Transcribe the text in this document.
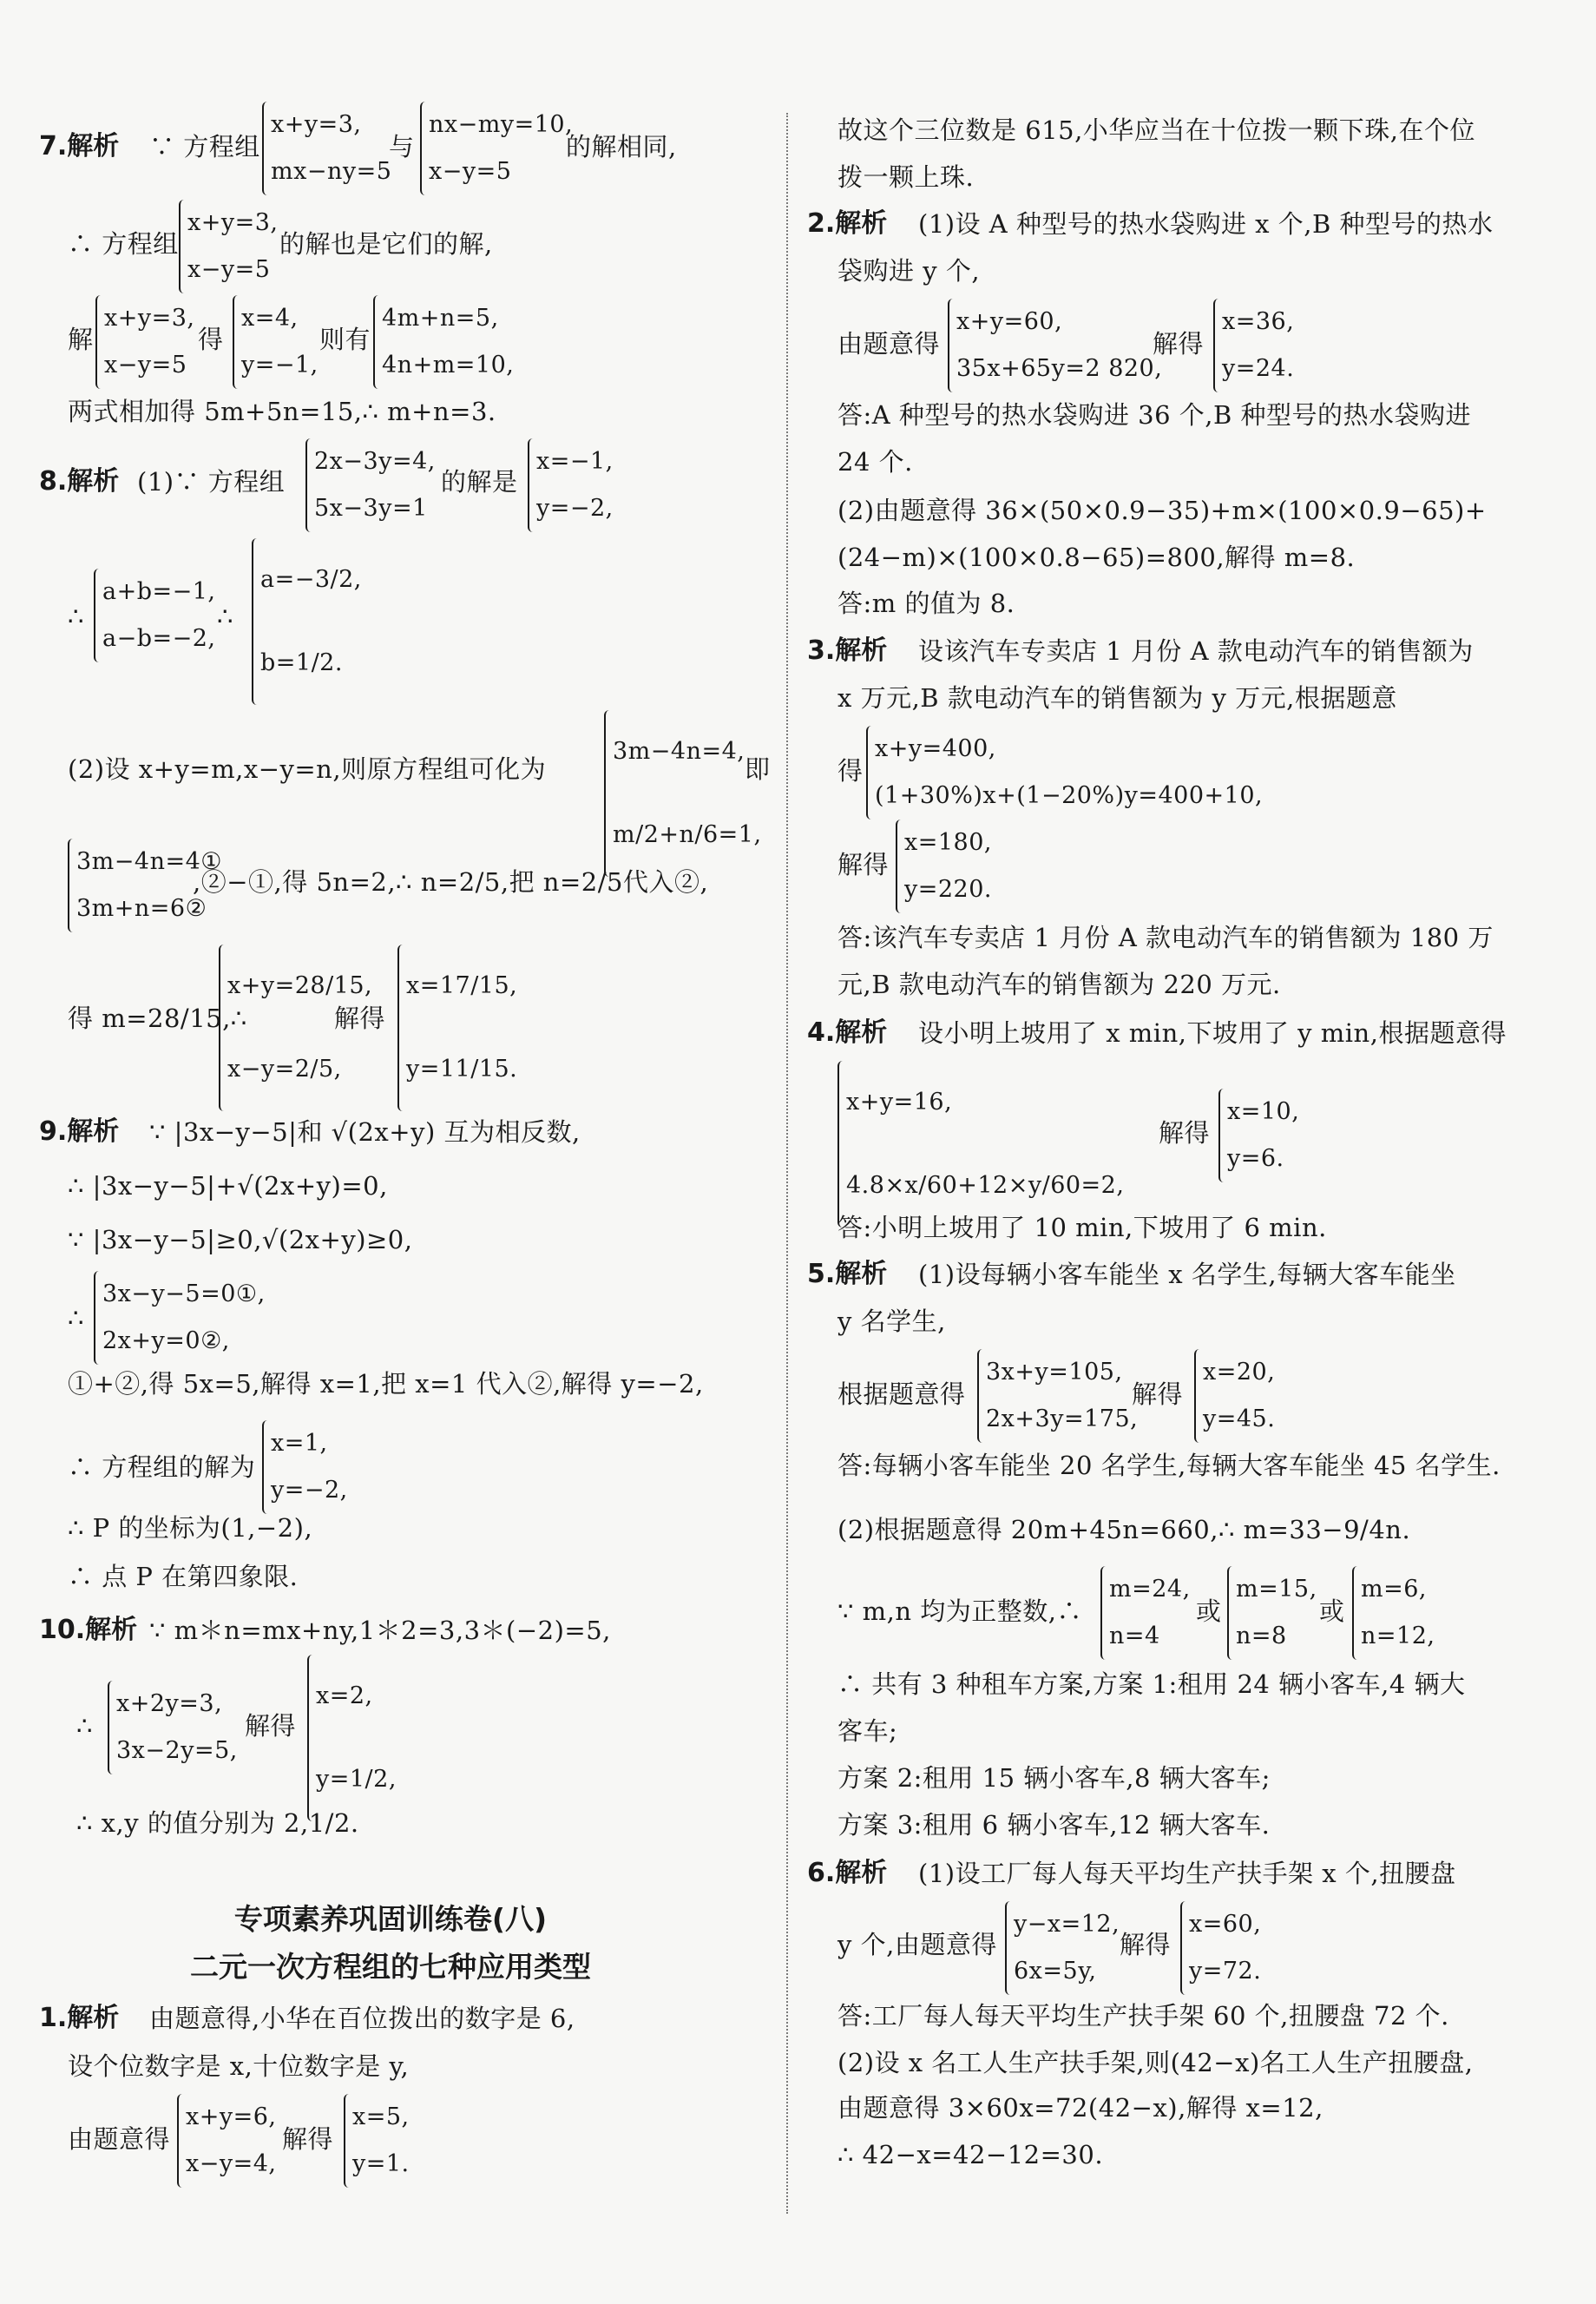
7.解析 ∵ 方程组
x+y=3,
mx−ny=5
与
nx−my=10,
x−y=5
的解相同,
∴ 方程组
x+y=3,
x−y=5
的解也是它们的解,
解
x+y=3,
x−y=5
得
x=4,
y=−1,
则有
4m+n=5,
4n+m=10,
两式相加得 5m+5n=15,∴ m+n=3.
8.解析 (1)∵ 方程组
2x−3y=4,
5x−3y=1
的解是
x=−1,
y=−2,
∴
a+b=−1,
a−b=−2,
∴
a=−3/2,
b=1/2.
(2)设 x+y=m,x−y=n,则原方程组可化为
3m−4n=4,
m/2+n/6=1,
即
3m−4n=4①
3m+n=6②
,②−①,得 5n=2,∴ n=2/5,把 n=2/5代入②,
得 m=28/15,∴
x+y=28/15,
x−y=2/5,
解得
x=17/15,
y=11/15.
9.解析 ∵ |3x−y−5|和 √(2x+y) 互为相反数,
∴ |3x−y−5|+√(2x+y)=0,
∵ |3x−y−5|≥0,√(2x+y)≥0,
∴
3x−y−5=0①,
2x+y=0②,
①+②,得 5x=5,解得 x=1,把 x=1 代入②,解得 y=−2,
∴ 方程组的解为
x=1,
y=−2,
∴ P 的坐标为(1,−2),
∴ 点 P 在第四象限.
10.解析 ∵ m＊n=mx+ny,1＊2=3,3＊(−2)=5,
∴
x+2y=3,
3x−2y=5,
解得
x=2,
y=1/2,
∴ x,y 的值分别为 2,1/2.
专项素养巩固训练卷(八)
二元一次方程组的七种应用类型
1.解析 由题意得,小华在百位拨出的数字是 6,
设个位数字是 x,十位数字是 y,
由题意得
x+y=6,
x−y=4,
解得
x=5,
y=1.
故这个三位数是 615,小华应当在十位拨一颗下珠,在个位
拨一颗上珠.
2.解析 (1)设 A 种型号的热水袋购进 x 个,B 种型号的热水
袋购进 y 个,
由题意得
x+y=60,
35x+65y=2 820,
解得
x=36,
y=24.
答:A 种型号的热水袋购进 36 个,B 种型号的热水袋购进
24 个.
(2)由题意得 36×(50×0.9−35)+m×(100×0.9−65)+
(24−m)×(100×0.8−65)=800,解得 m=8.
答:m 的值为 8.
3.解析 设该汽车专卖店 1 月份 A 款电动汽车的销售额为
x 万元,B 款电动汽车的销售额为 y 万元,根据题意
得
x+y=400,
(1+30%)x+(1−20%)y=400+10,
解得
x=180,
y=220.
答:该汽车专卖店 1 月份 A 款电动汽车的销售额为 180 万
元,B 款电动汽车的销售额为 220 万元.
4.解析 设小明上坡用了 x min,下坡用了 y min,根据题意得
x+y=16,
4.8×x/60+12×y/60=2,
解得
x=10,
y=6.
答:小明上坡用了 10 min,下坡用了 6 min.
5.解析 (1)设每辆小客车能坐 x 名学生,每辆大客车能坐
y 名学生,
根据题意得
3x+y=105,
2x+3y=175,
解得
x=20,
y=45.
答:每辆小客车能坐 20 名学生,每辆大客车能坐 45 名学生.
(2)根据题意得 20m+45n=660,∴ m=33−9/4n.
∵ m,n 均为正整数,∴
m=24,
n=4
或
m=15,
n=8
或
m=6,
n=12,
∴ 共有 3 种租车方案,方案 1:租用 24 辆小客车,4 辆大
客车;
方案 2:租用 15 辆小客车,8 辆大客车;
方案 3:租用 6 辆小客车,12 辆大客车.
6.解析 (1)设工厂每人每天平均生产扶手架 x 个,扭腰盘
y 个,由题意得
y−x=12,
6x=5y,
解得
x=60,
y=72.
答:工厂每人每天平均生产扶手架 60 个,扭腰盘 72 个.
(2)设 x 名工人生产扶手架,则(42−x)名工人生产扭腰盘,
由题意得 3×60x=72(42−x),解得 x=12,
∴ 42−x=42−12=30.
